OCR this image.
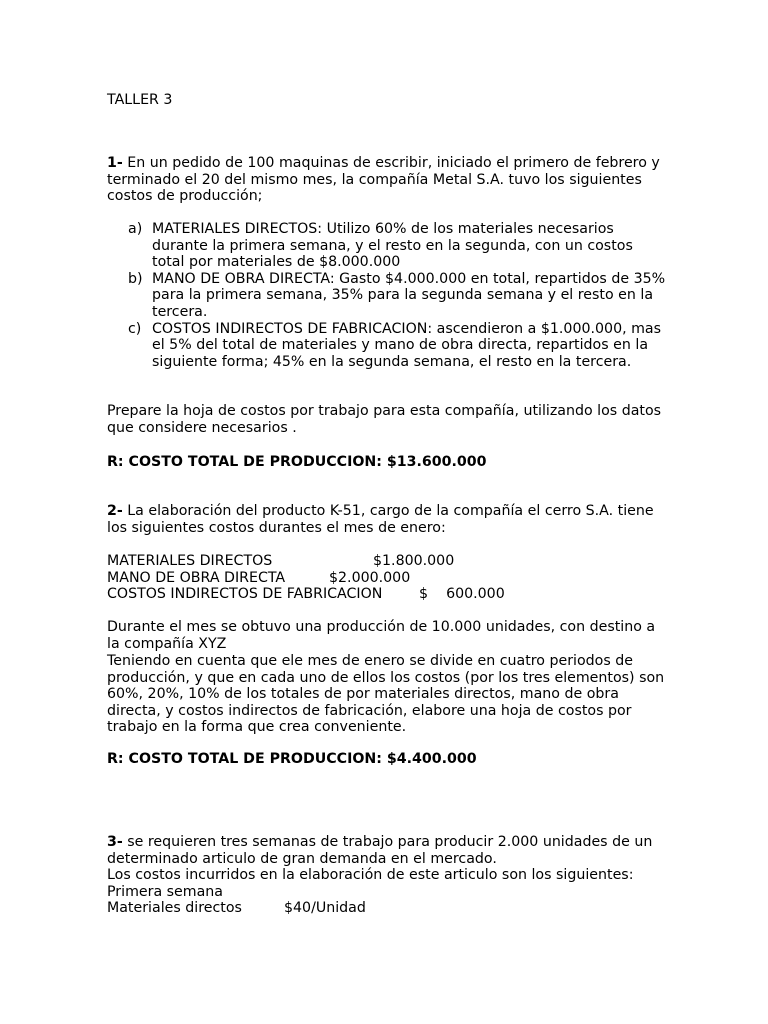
TALLER 3

1- En un pedido de 100 maquinas de escribir, iniciado el primero de febrero y terminado el 20 del mismo mes, la compañía Metal S.A. tuvo los siguientes costos de producción;

a) MATERIALES DIRECTOS: Utilizo 60% de los materiales necesarios durante la primera semana, y el resto en la segunda, con un costos total por materiales de $8.000.000
b) MANO DE OBRA DIRECTA: Gasto $4.000.000 en total, repartidos de 35% para la primera semana, 35% para la segunda semana y el resto en la tercera.
c) COSTOS INDIRECTOS DE FABRICACION: ascendieron a $1.000.000, mas el 5% del total de materiales y mano de obra directa, repartidos en la siguiente forma; 45% en la segunda semana, el resto en la tercera.

Prepare la hoja de costos por trabajo para esta compañía, utilizando los datos que considere necesarios .

R: COSTO TOTAL DE PRODUCCION: $13.600.000

2- La elaboración del producto K-51, cargo de la compañía el cerro S.A. tiene los siguientes costos durantes el mes de enero:

MATERIALES DIRECTOS	$1.800.000
MANO DE OBRA DIRECTA	$2.000.000
COSTOS INDIRECTOS DE FABRICACION	$    600.000

Durante el mes se obtuvo una producción de 10.000 unidades, con destino a la compañía XYZ

Teniendo en cuenta que ele mes de enero se divide en cuatro periodos de producción, y que en cada uno de ellos los costos (por los tres elementos) son 60%, 20%, 10% de los totales de por materiales directos, mano de obra directa, y costos indirectos de fabricación, elabore una hoja de costos por trabajo en la forma que crea conveniente.

R: COSTO TOTAL DE PRODUCCION: $4.400.000

3- se requieren tres semanas de trabajo para producir 2.000 unidades de un determinado articulo de gran demanda en el mercado.

Los costos incurridos en la elaboración de este articulo son los siguientes:

Primera semana

Materiales directos	$40/Unidad
